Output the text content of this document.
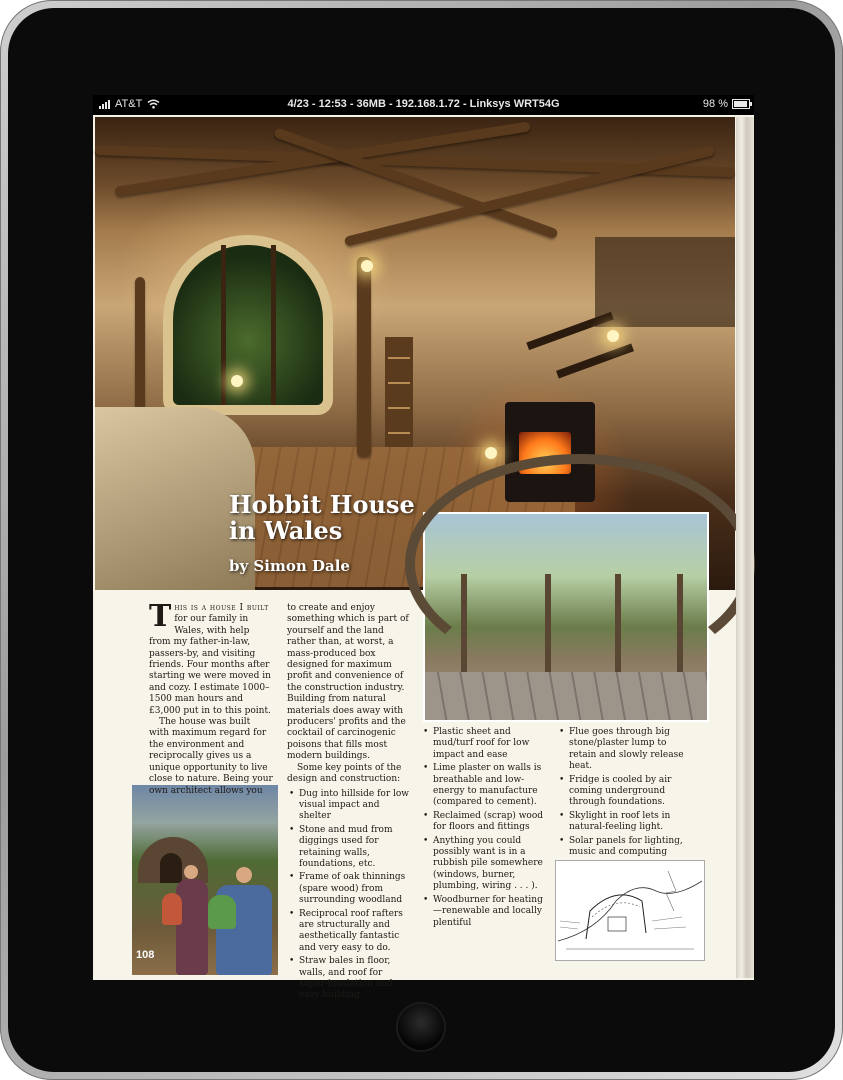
AT&T	4/23 - 12:53 - 36MB - 192.168.1.72 - Linksys WRT54G	98 %
Hobbit House
in Wales
by Simon Dale
108

This is a house I built for our family in Wales, with help from my father-in-law, passers-by, and visiting friends. Four months after starting we were moved in and cozy. I estimate 1000–1500 man hours and £3,000 put in to this point.

The house was built with maximum regard for the environment and reciprocally gives us a unique opportunity to live close to nature. Being your own architect allows you

to create and enjoy something which is part of yourself and the land rather than, at worst, a mass-produced box designed for maximum profit and convenience of the construction industry. Building from natural materials does away with producers' profits and the cocktail of carcinogenic poisons that fills most modern buildings.

Some key points of the design and construction:

• Dug into hillside for low visual impact and shelter
• Stone and mud from diggings used for retaining walls, foundations, etc.
• Frame of oak thinnings (spare wood) from surrounding woodland
• Reciprocal roof rafters are structurally and aesthetically fantastic and very easy to do.
• Straw bales in floor, walls, and roof for super-insulation and easy building
• Plastic sheet and mud/turf roof for low impact and ease
• Lime plaster on walls is breathable and low-energy to manufacture (compared to cement).
• Reclaimed (scrap) wood for floors and fittings
• Anything you could possibly want is in a rubbish pile somewhere (windows, burner, plumbing, wiring . . . ).
• Woodburner for heating—renewable and locally plentiful
• Flue goes through big stone/plaster lump to retain and slowly release heat.
• Fridge is cooled by air coming underground through foundations.
• Skylight in roof lets in natural-feeling light.
• Solar panels for lighting, music and computing
